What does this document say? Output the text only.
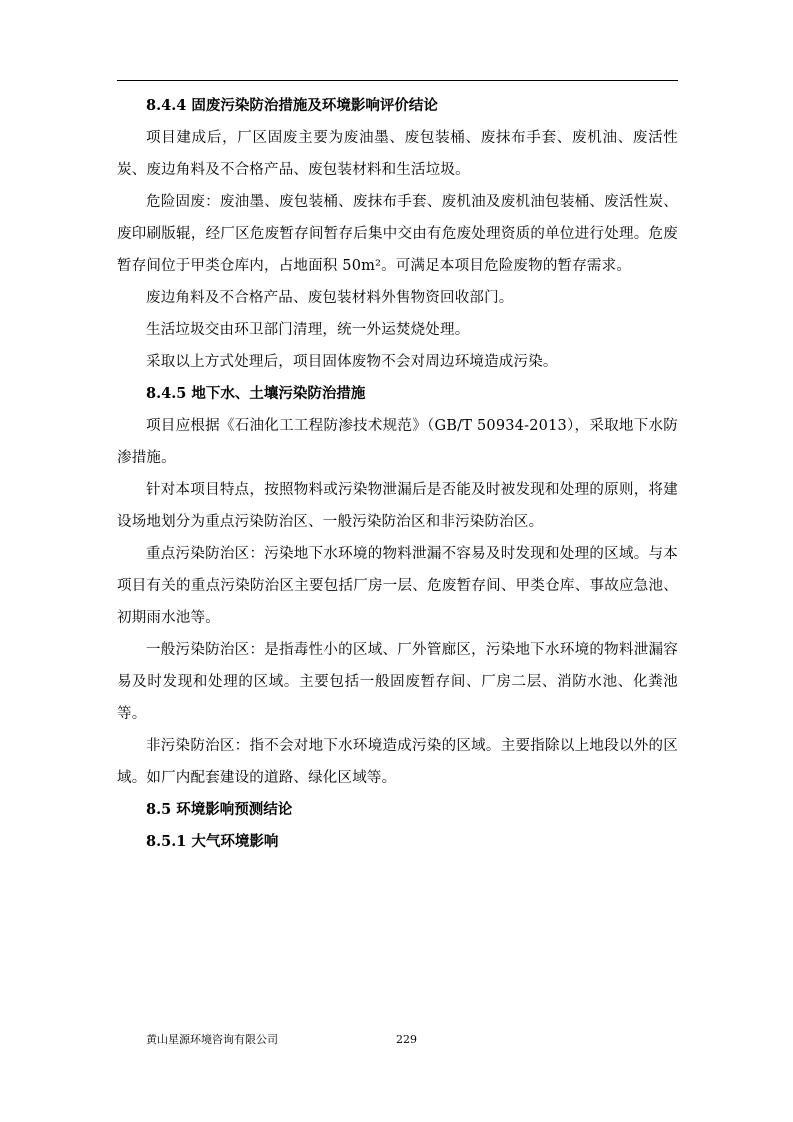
8.4.4 固废污染防治措施及环境影响评价结论
项目建成后，厂区固废主要为废油墨、废包装桶、废抹布手套、废机油、废活性炭、废边角料及不合格产品、废包装材料和生活垃圾。
危险固废：废油墨、废包装桶、废抹布手套、废机油及废机油包装桶、废活性炭、废印刷版辊，经厂区危废暂存间暂存后集中交由有危废处理资质的单位进行处理。危废暂存间位于甲类仓库内，占地面积 50m²。可满足本项目危险废物的暂存需求。
废边角料及不合格产品、废包装材料外售物资回收部门。
生活垃圾交由环卫部门清理，统一外运焚烧处理。
采取以上方式处理后，项目固体废物不会对周边环境造成污染。
8.4.5 地下水、土壤污染防治措施
项目应根据《石油化工工程防渗技术规范》（GB/T 50934-2013），采取地下水防渗措施。
针对本项目特点，按照物料或污染物泄漏后是否能及时被发现和处理的原则，将建设场地划分为重点污染防治区、一般污染防治区和非污染防治区。
重点污染防治区：污染地下水环境的物料泄漏不容易及时发现和处理的区域。与本项目有关的重点污染防治区主要包括厂房一层、危废暂存间、甲类仓库、事故应急池、初期雨水池等。
一般污染防治区：是指毒性小的区域、厂外管廊区，污染地下水环境的物料泄漏容易及时发现和处理的区域。主要包括一般固废暂存间、厂房二层、消防水池、化粪池等。
非污染防治区：指不会对地下水环境造成污染的区域。主要指除以上地段以外的区域。如厂内配套建设的道路、绿化区域等。
8.5 环境影响预测结论
8.5.1 大气环境影响
黄山星源环境咨询有限公司	229
